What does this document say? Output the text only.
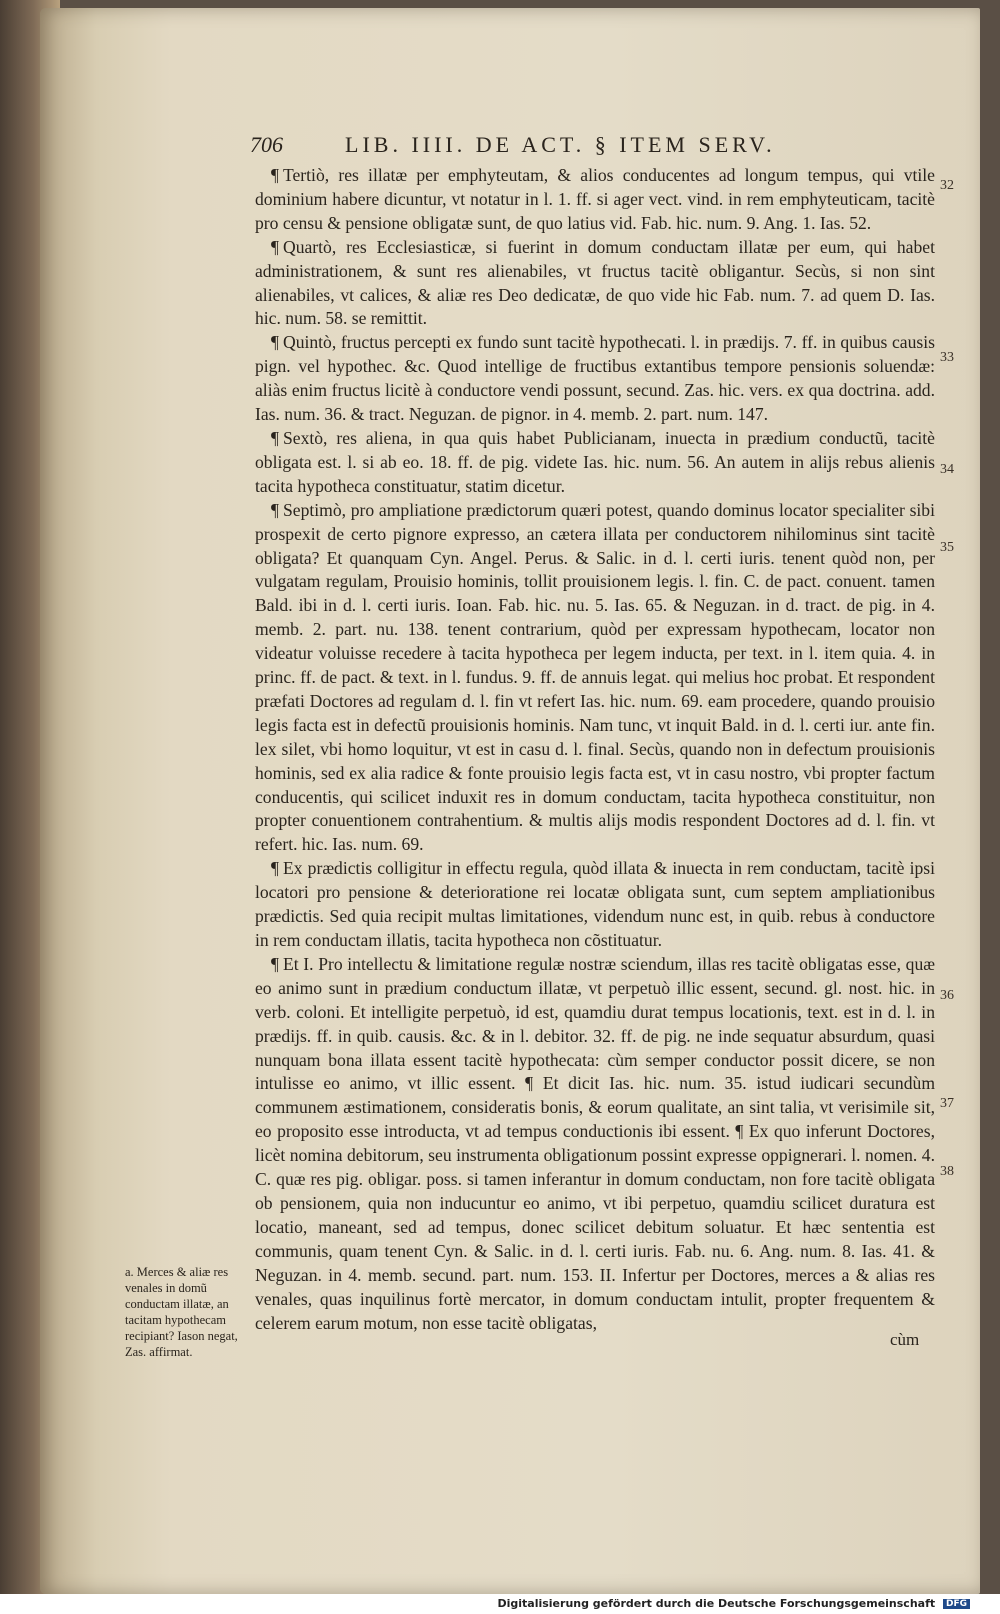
706	LIB. IIII. DE ACT. § ITEM SERV.

¶ Tertiò, res illatæ per emphyteutam, & alios conducentes ad longum tempus, qui vtile dominium habere dicuntur, vt notatur in l. 1. ff. si ager vect. vind. in rem emphyteuticam, tacitè pro censu & pensione obligatæ sunt, de quo latius vid. Fab. hic. num. 9. Ang. 1. Ias. 52.

¶ Quartò, res Ecclesiasticæ, si fuerint in domum conductam illatæ per eum, qui habet administrationem, & sunt res alienabiles, vt fructus tacitè obligantur. Secùs, si non sint alienabiles, vt calices, & aliæ res Deo dedicatæ, de quo vide hic Fab. num. 7. ad quem D. Ias. hic. num. 58. se remittit.

¶ Quintò, fructus percepti ex fundo sunt tacitè hypothecati. l. in prædijs. 7. ff. in quibus causis pign. vel hypothec. &c. Quod intellige de fructibus extantibus tempore pensionis soluendæ: aliàs enim fructus licitè à conductore vendi possunt, secund. Zas. hic. vers. ex qua doctrina. add. Ias. num. 36. & tract. Neguzan. de pignor. in 4. memb. 2. part. num. 147.

¶ Sextò, res aliena, in qua quis habet Publicianam, inuecta in prædium conductũ, tacitè obligata est. l. si ab eo. 18. ff. de pig. videte Ias. hic. num. 56. An autem in alijs rebus alienis tacita hypotheca constituatur, statim dicetur.

¶ Septimò, pro ampliatione prædictorum quæri potest, quando dominus locator specialiter sibi prospexit de certo pignore expresso, an cætera illata per conductorem nihilominus sint tacitè obligata? Et quanquam Cyn. Angel. Perus. & Salic. in d. l. certi iuris. tenent quòd non, per vulgatam regulam, Prouisio hominis, tollit prouisionem legis. l. fin. C. de pact. conuent. tamen Bald. ibi in d. l. certi iuris. Ioan. Fab. hic. nu. 5. Ias. 65. & Neguzan. in d. tract. de pig. in 4. memb. 2. part. nu. 138. tenent contrarium, quòd per expressam hypothecam, locator non videatur voluisse recedere à tacita hypotheca per legem inducta, per text. in l. item quia. 4. in princ. ff. de pact. & text. in l. fundus. 9. ff. de annuis legat. qui melius hoc probat. Et respondent præfati Doctores ad regulam d. l. fin vt refert Ias. hic. num. 69. eam procedere, quando prouisio legis facta est in defectũ prouisionis hominis. Nam tunc, vt inquit Bald. in d. l. certi iur. ante fin. lex silet, vbi homo loquitur, vt est in casu d. l. final. Secùs, quando non in defectum prouisionis hominis, sed ex alia radice & fonte prouisio legis facta est, vt in casu nostro, vbi propter factum conducentis, qui scilicet induxit res in domum conductam, tacita hypotheca constituitur, non propter conuentionem contrahentium. & multis alijs modis respondent Doctores ad d. l. fin. vt refert. hic. Ias. num. 69.

¶ Ex prædictis colligitur in effectu regula, quòd illata & inuecta in rem conductam, tacitè ipsi locatori pro pensione & deterioratione rei locatæ obligata sunt, cum septem ampliationibus prædictis. Sed quia recipit multas limitationes, videndum nunc est, in quib. rebus à conductore in rem conductam illatis, tacita hypotheca non cõstituatur.

¶ Et I. Pro intellectu & limitatione regulæ nostræ sciendum, illas res tacitè obligatas esse, quæ eo animo sunt in prædium conductum illatæ, vt perpetuò illic essent, secund. gl. nost. hic. in verb. coloni. Et intelligite perpetuò, id est, quamdiu durat tempus locationis, text. est in d. l. in prædijs. ff. in quib. causis. &c. & in l. debitor. 32. ff. de pig. ne inde sequatur absurdum, quasi nunquam bona illata essent tacitè hypothecata: cùm semper conductor possit dicere, se non intulisse eo animo, vt illic essent. ¶ Et dicit Ias. hic. num. 35. istud iudicari secundùm communem æstimationem, consideratis bonis, & eorum qualitate, an sint talia, vt verisimile sit, eo proposito esse introducta, vt ad tempus conductionis ibi essent. ¶ Ex quo inferunt Doctores, licèt nomina debitorum, seu instrumenta obligationum possint expresse oppignerari. l. nomen. 4. C. quæ res pig. obligar. poss. si tamen inferantur in domum conductam, non fore tacitè obligata ob pensionem, quia non inducuntur eo animo, vt ibi perpetuo, quamdiu scilicet duratura est locatio, maneant, sed ad tempus, donec scilicet debitum soluatur. Et hæc sententia est communis, quam tenent Cyn. & Salic. in d. l. certi iuris. Fab. nu. 6. Ang. num. 8. Ias. 41. & Neguzan. in 4. memb. secund. part. num. 153. II. Infertur per Doctores, merces a & alias res venales, quas inquilinus fortè mercator, in domum conductam intulit, propter frequentem & celerem earum motum, non esse tacitè obligatas,

32
33
34
35
36
37
38
a. Merces & aliæ res venales in domũ conductam illatæ, an tacitam hypothecam recipiant? Iason negat, Zas. affirmat.
cùm
Digitalisierung gefördert durch die Deutsche Forschungsgemeinschaft DFG
